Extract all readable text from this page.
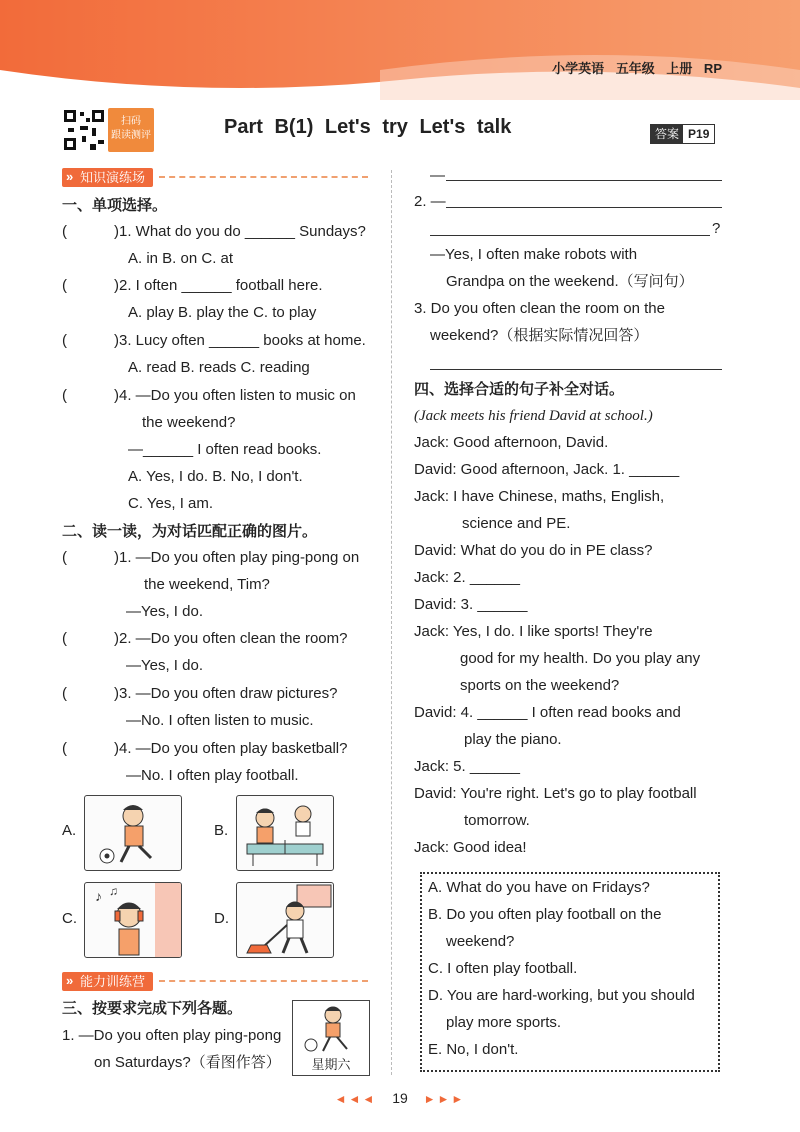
小学英语 五年级 上册 RP
扫码
跟读测评	Part B(1) Let's try Let's talk	答案 P19
» 知识演练场
一、单项选择。
(	)1. What do you do ______ Sundays?
A. in B. on C. at
(	)2. I often ______ football here.
A. play B. play the C. to play
(	)3. Lucy often ______ books at home.
A. read B. reads C. reading
(	)4. —Do you often listen to music on
the weekend?
—______ I often read books.
A. Yes, I do. B. No, I don't.
C. Yes, I am.
二、读一读，为对话匹配正确的图片。
(	)1. —Do you often play ping-pong on
the weekend, Tim?
—Yes, I do.
(	)2. —Do you often clean the room?
—Yes, I do.
(	)3. —Do you often draw pictures?
—No. I often listen to music.
(	)4. —Do you often play basketball?
—No. I often play football.
A.	B.
C.
♪ ♫
D.
» 能力训练营
三、按要求完成下列各题。
1. —Do you often play ping-pong
on Saturdays?（看图作答）	星期六
—
2. —
?
—Yes, I often make robots with
Grandpa on the weekend.（写问句）
3. Do you often clean the room on the
weekend?（根据实际情况回答）
四、选择合适的句子补全对话。
(Jack meets his friend David at school.)
Jack: Good afternoon, David.
David: Good afternoon, Jack. 1. ______
Jack: I have Chinese, maths, English,
science and PE.
David: What do you do in PE class?
Jack: 2. ______
David: 3. ______
Jack: Yes, I do. I like sports! They're
good for my health. Do you play any
sports on the weekend?
David: 4. ______ I often read books and
play the piano.
Jack: 5. ______
David: You're right. Let's go to play football
tomorrow.
Jack: Good idea!
A. What do you have on Fridays?
B. Do you often play football on the
weekend?
C. I often play football.
D. You are hard-working, but you should
play more sports.
E. No, I don't.
◄◄◄ 19 ►►►
